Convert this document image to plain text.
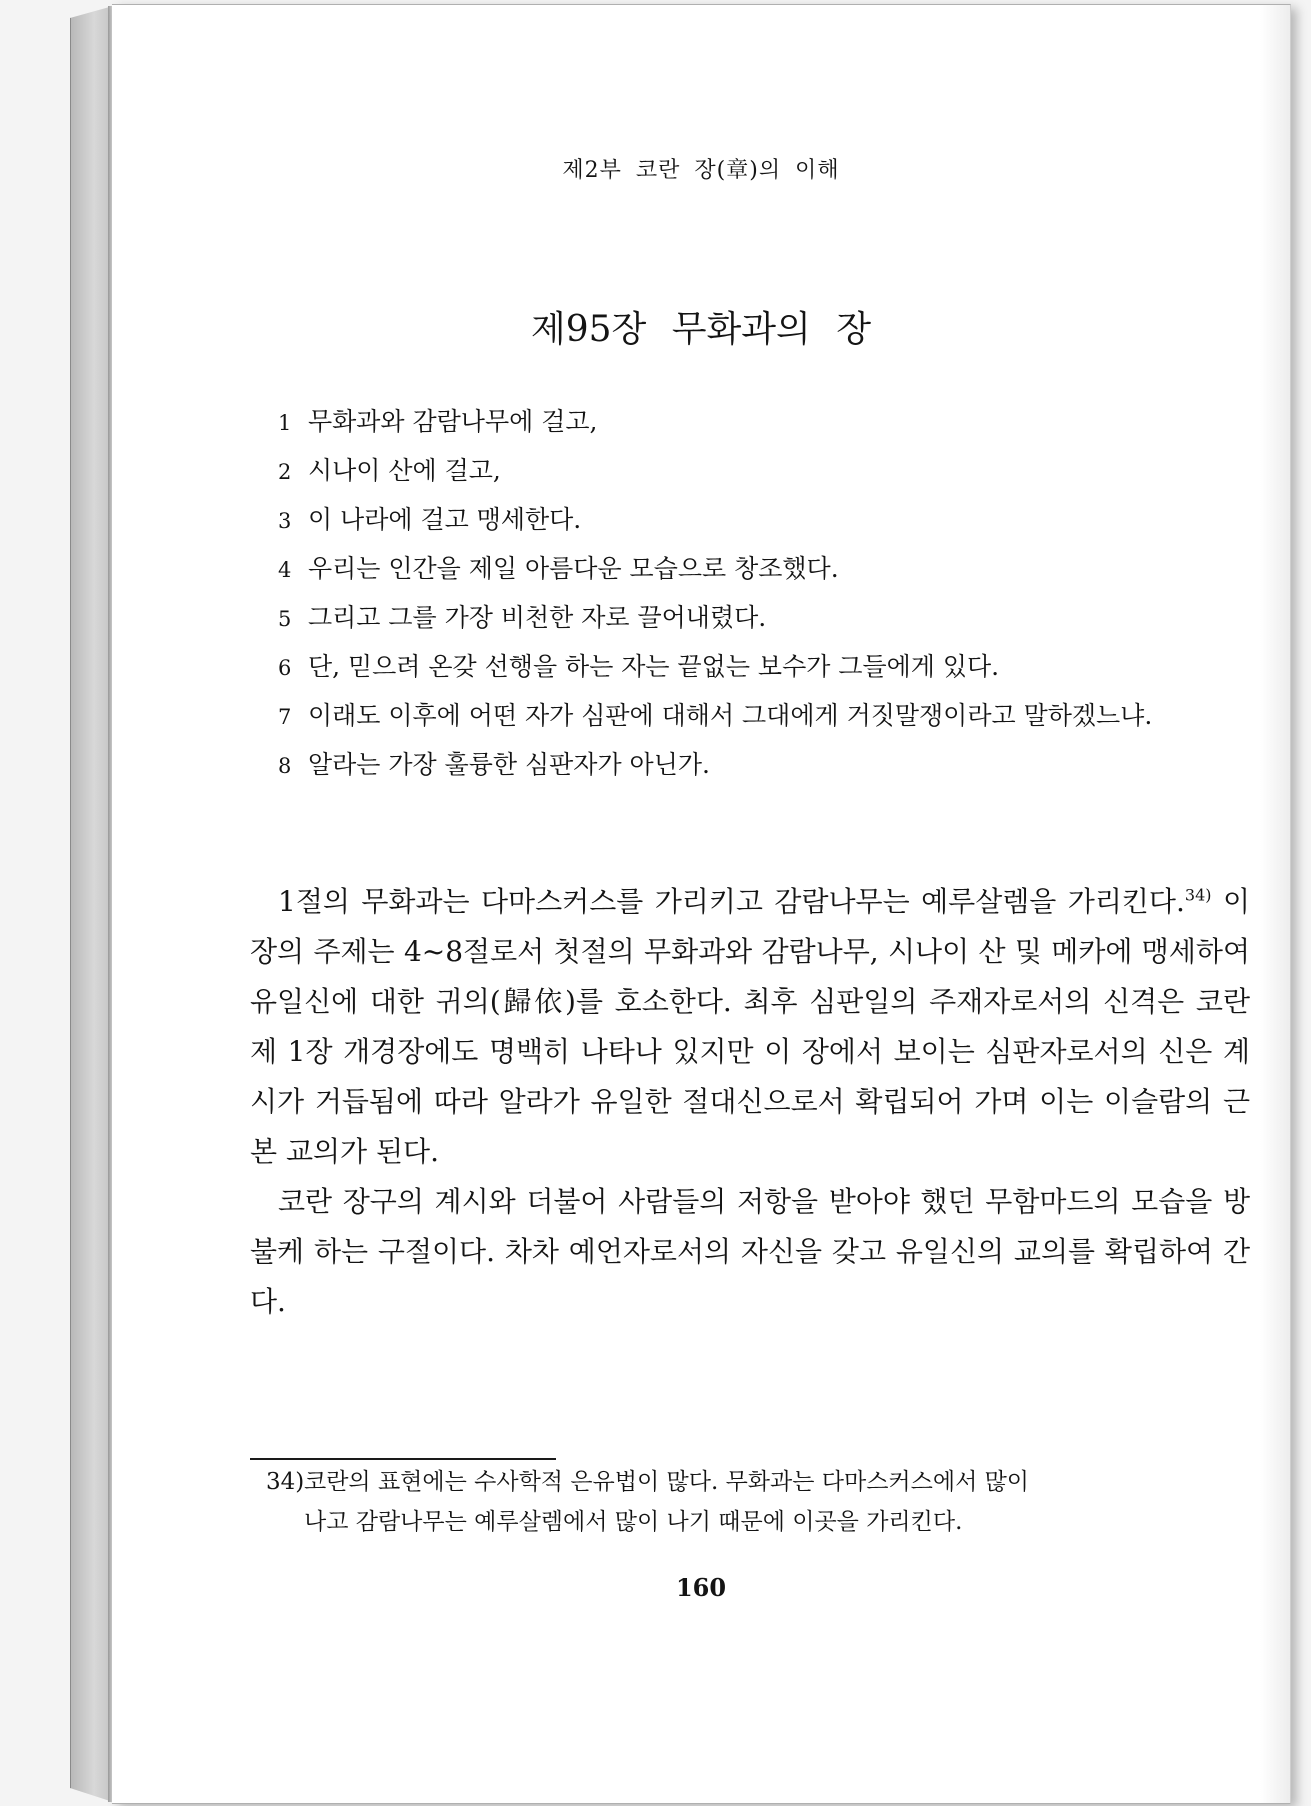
제2부 코란 장(章)의 이해
제95장 무화과의 장
1 무화과와 감람나무에 걸고,
2 시나이 산에 걸고,
3 이 나라에 걸고 맹세한다.
4 우리는 인간을 제일 아름다운 모습으로 창조했다.
5 그리고 그를 가장 비천한 자로 끌어내렸다.
6 단, 믿으려 온갖 선행을 하는 자는 끝없는 보수가 그들에게 있다.
7 이래도 이후에 어떤 자가 심판에 대해서 그대에게 거짓말쟁이라고 말하겠느냐.
8 알라는 가장 훌륭한 심판자가 아닌가.

1절의 무화과는 다마스커스를 가리키고 감람나무는 예루살렘을 가리킨다.$^{34)}$ 이 장의 주제는 4~8절로서 첫절의 무화과와 감람나무, 시나이 산 및 메카에 맹세하여 유일신에 대한 귀의(歸依)를 호소한다. 최후 심판일의 주재자로서의 신격은 코란 제 1장 개경장에도 명백히 나타나 있지만 이 장에서 보이는 심판자로서의 신은 계시가 거듭됨에 따라 알라가 유일한 절대신으로서 확립되어 가며 이는 이슬람의 근본 교의가 된다.

코란 장구의 계시와 더불어 사람들의 저항을 받아야 했던 무함마드의 모습을 방불케 하는 구절이다. 차차 예언자로서의 자신을 갖고 유일신의 교의를 확립하여 간다.

34)코란의 표현에는 수사학적 은유법이 많다. 무화과는 다마스커스에서 많이
나고 감람나무는 예루살렘에서 많이 나기 때문에 이곳을 가리킨다.
160
